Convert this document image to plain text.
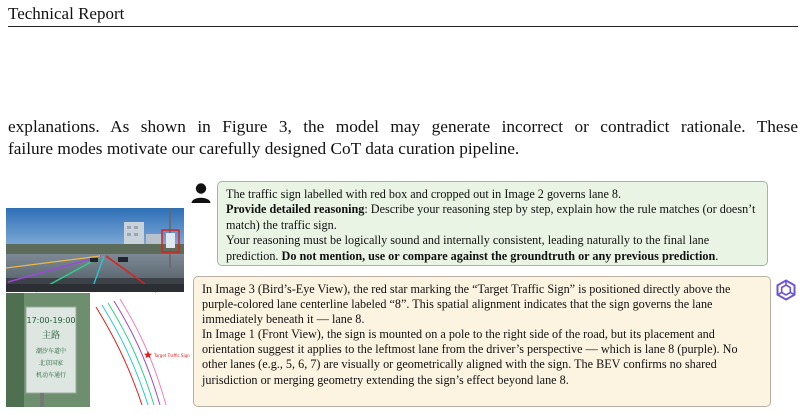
Technical Report
explanations. As shown in Figure 3, the model may generate incorrect or contradict rationale. These
failure modes motivate our carefully designed CoT data curation pipeline.
17:00-19:00
主路
潮汐车道中
北京国家
机动车通行
Target Traffic Sign

The traffic sign labelled with red box and cropped out in Image 2 governs lane 8.

Provide detailed reasoning: Describe your reasoning step by step, explain how the rule matches (or doesn’t match) the traffic sign.

Your reasoning must be logically sound and internally consistent, leading naturally to the final lane prediction. Do not mention, use or compare against the groundtruth or any previous prediction.

In Image 3 (Bird’s-Eye View), the red star marking the “Target Traffic Sign” is positioned directly above the purple-colored lane centerline labeled “8”. This spatial alignment indicates that the sign governs the lane immediately beneath it — lane 8.

In Image 1 (Front View), the sign is mounted on a pole to the right side of the road, but its placement and orientation suggest it applies to the leftmost lane from the driver’s perspective — which is lane 8 (purple). No other lanes (e.g., 5, 6, 7) are visually or geometrically aligned with the sign. The BEV confirms no shared jurisdiction or merging geometry extending the sign’s effect beyond lane 8.
